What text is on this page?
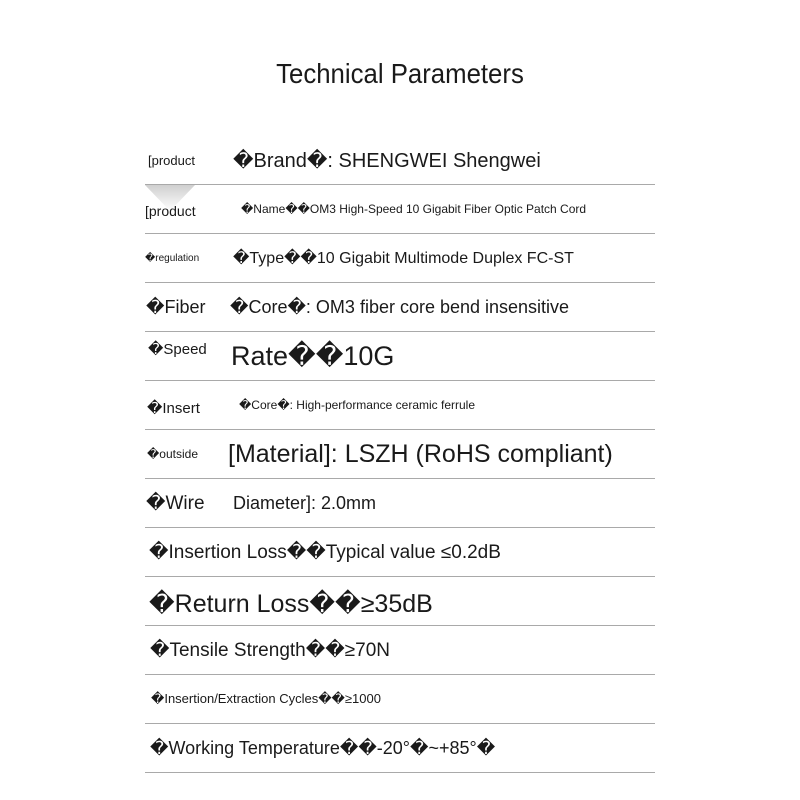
Technical Parameters
[product �Brand�: SHENGWEI Shengwei
[product	�Name��OM3 High-Speed 10 Gigabit Fiber Optic Patch Cord
�regulation �Type��10 Gigabit Multimode Duplex FC-ST
�Fiber �Core�: OM3 fiber core bend insensitive
�Speed Rate��10G
�Insert	�Core�: High-performance ceramic ferrule
�outside [Material]: LSZH (RoHS compliant)
�Wire Diameter]: 2.0mm
�Insertion Loss��Typical value ≤0.2dB
�Return Loss��≥35dB
�Tensile Strength��≥70N
�Insertion/Extraction Cycles��≥1000
�Working Temperature��-20°�~+85°�
